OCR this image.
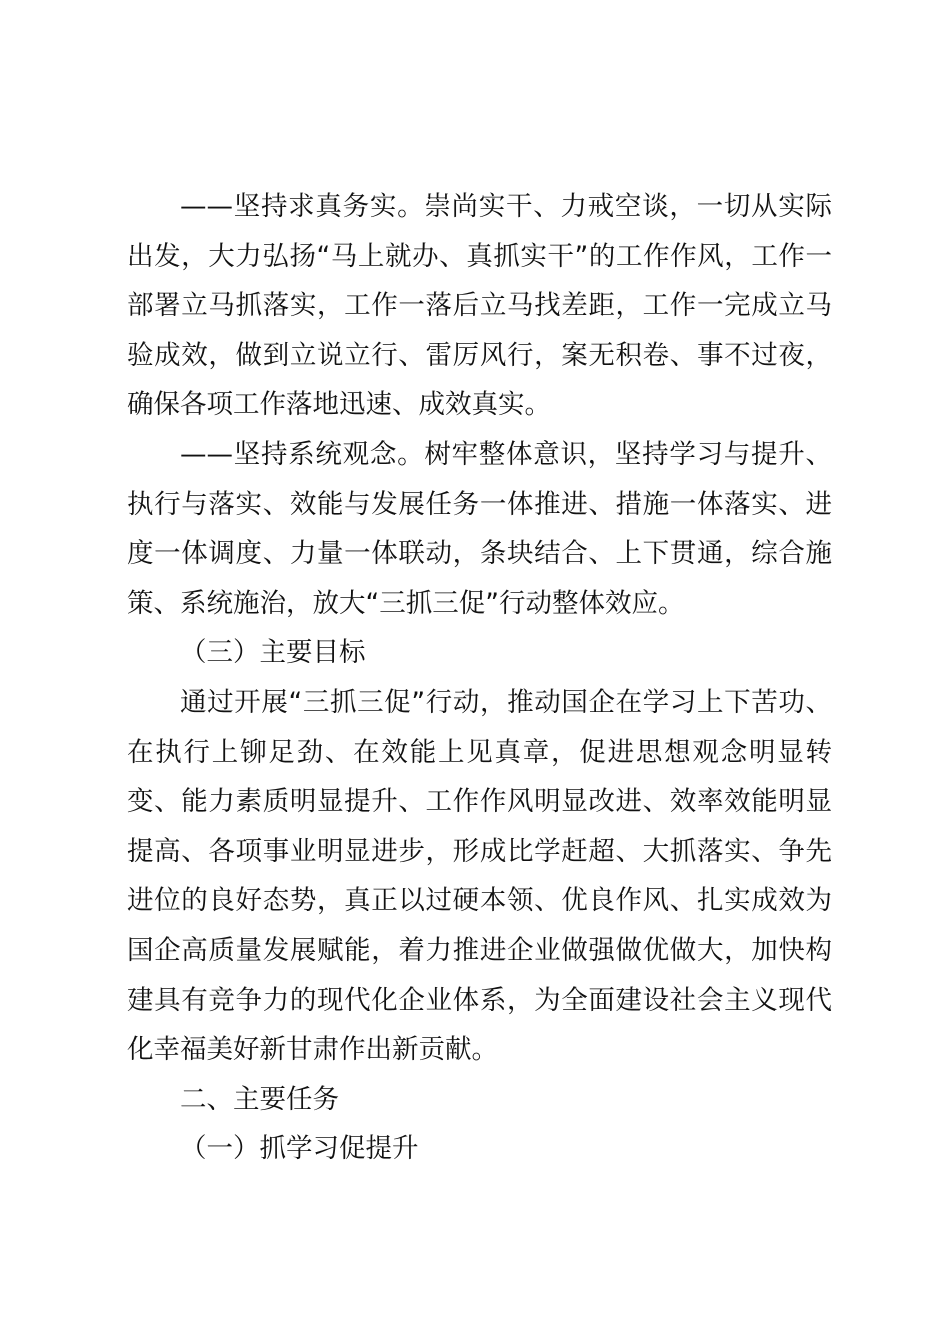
——坚持求真务实。崇尚实干、力戒空谈，一切从实际出发，大力弘扬“马上就办、真抓实干”的工作作风，工作一部署立马抓落实，工作一落后立马找差距，工作一完成立马验成效，做到立说立行、雷厉风行，案无积卷、事不过夜，确保各项工作落地迅速、成效真实。

——坚持系统观念。树牢整体意识，坚持学习与提升、执行与落实、效能与发展任务一体推进、措施一体落实、进度一体调度、力量一体联动，条块结合、上下贯通，综合施策、系统施治，放大“三抓三促”行动整体效应。

（三）主要目标

通过开展“三抓三促”行动，推动国企在学习上下苦功、在执行上铆足劲、在效能上见真章，促进思想观念明显转变、能力素质明显提升、工作作风明显改进、效率效能明显提高、各项事业明显进步，形成比学赶超、大抓落实、争先进位的良好态势，真正以过硬本领、优良作风、扎实成效为国企高质量发展赋能，着力推进企业做强做优做大，加快构建具有竞争力的现代化企业体系，为全面建设社会主义现代化幸福美好新甘肃作出新贡献。

二、主要任务

（一）抓学习促提升
